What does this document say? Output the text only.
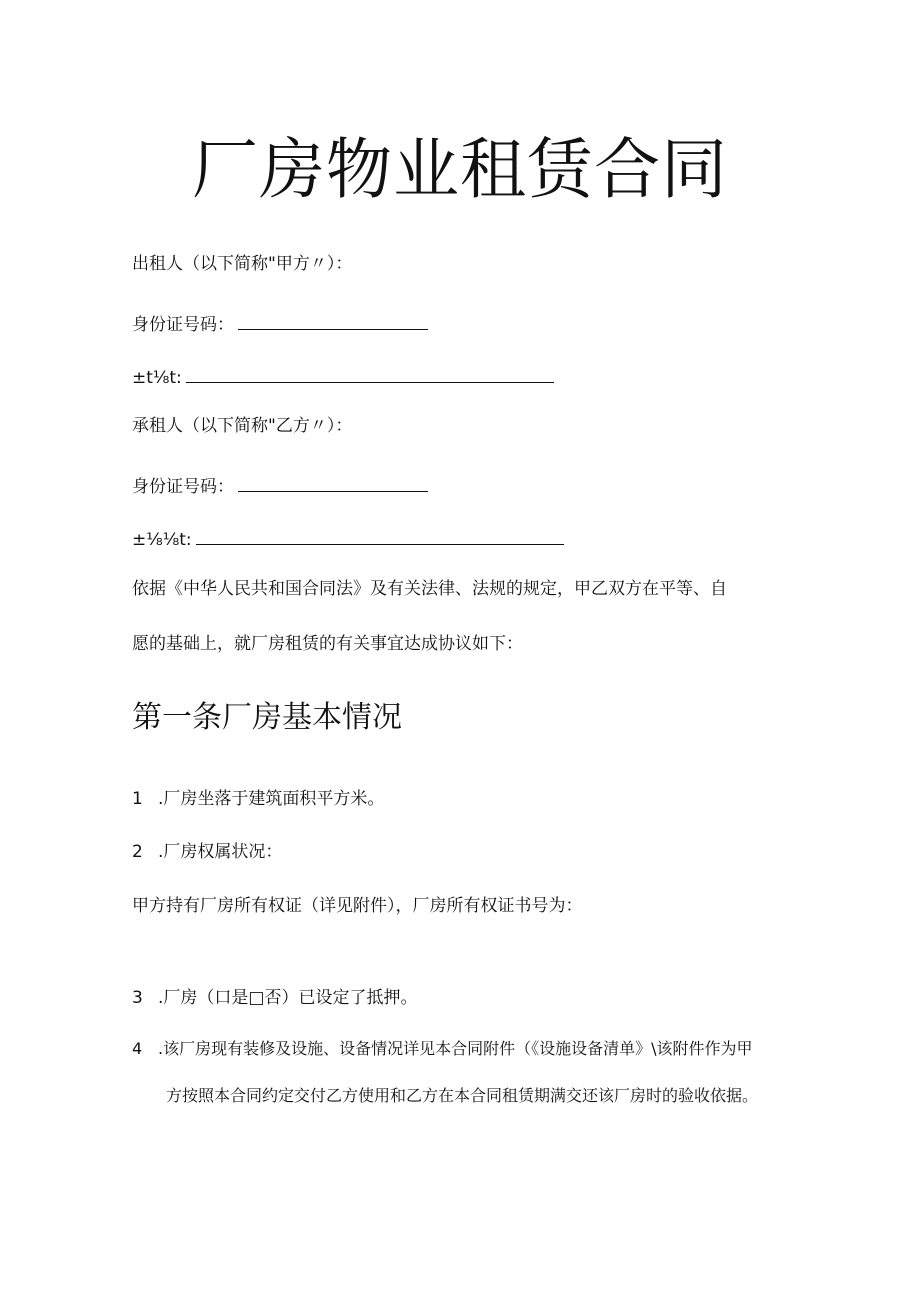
厂房物业租赁合同
出租人（以下简称"甲方〃）：
身份证号码：
±t⅛t:
承租人（以下简称"乙方〃）：
身份证号码：
±⅛⅛t:
依据《中华人民共和国合同法》及有关法律、法规的规定，甲乙双方在平等、自
愿的基础上，就厂房租赁的有关事宜达成协议如下：
第一条厂房基本情况
1 .厂房坐落于建筑面积平方米。
2 .厂房权属状况：
甲方持有厂房所有权证（详见附件），厂房所有权证书号为：
3 .厂房（口是□否）已设定了抵押。
4 .该厂房现有装修及设施、设备情况详见本合同附件（《设施设备清单》\该附件作为甲
方按照本合同约定交付乙方使用和乙方在本合同租赁期满交还该厂房时的验收依据。
